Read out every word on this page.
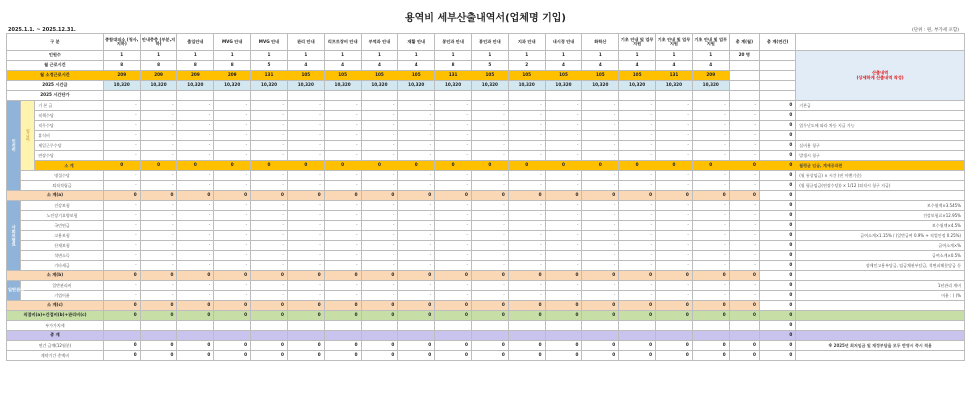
용역비 세부산출내역서(업체명 기입)
2025.1.1. ~ 2025.12.31.	(단위 : 원, 부가세 포함)
구 분			종합대피소 (청사,지하)	안내층층 (부분,지하)	출입안내	MVG 안내	MVG 안내	관리 안내	리프트장비 안내	부역과 안내	재활 안내	봉인과 안내	봉인과 안내	지과 안내	내시경 안내	화학산	기초 안내 및 업무지원	기초 안내 및 업무지원	기초 안내 및 업무지원	총 계(월)	총 계(연간)	
인원수			1	1	1	1	1	1	1	1	1	1	1	1	1	1	1	1	1	20 명		산출내역
(상세하게 산출내역 작성)
월 근로시간			8	8	8	8	5	4	4	4	4	8	5	2	4	4	4	4	4			
월 소정근로시간			209	209	209	209	131	105	105	105	105	131	105	105	105	105	105	131	209			
2025 시간급			10,320	10,320	10,320	10,320	10,320	10,320	10,320	10,320	10,320	10,320	10,320	10,320	10,320	10,320	10,320	10,320	10,320			
2025 시간단가																						
인건비	월급여	기 본 급	-	-	-	-	-	-	-	-	-	-	-	-	-	-	-	-	-	-	0	기본급
		직책수당	-	-	-	-	-	-	-	-	-	-	-	-	-	-	-	-	-	-	0	
		직무수당	-	-	-	-	-	-	-	-	-	-	-	-	-	-	-	-	-	-	0	업무난도에 따라 차등 지급 가능
		휴식비	-	-	-	-	-	-	-	-	-	-	-	-	-	-	-	-	-	-	0	
		제일근무수당	-	-	-	-	-	-	-	-	-	-	-	-	-	-	-	-	-	-	0	실비용 청구
		연장수당	-	-	-	-	-	-	-	-	-	-	-	-	-	-	-	-	-	-	0	발생시 청구
		소 계	0	0	0	0	0	0	0	0	0	0	0	0	0	0	0	0	0	0	0	월평균 임금, 계세공과편
	명절수당		-	-	-	-	-	-	-	-	-	-	-	-	-	-	-	-	-	-	0	(월 통상임금) × 시간 (연 이벤기준)
	퇴직적립금		-	-	-	-	-	-	-	-	-	-	-	-	-	-	-	-	-	-	0	(월 평균임금(연장수당)) × 1/12 (퇴직시 청구 지급)
소 계(a)			0	0	0	0	0	0	0	0	0	0	0	0	0	0	0	0	0	0	0	
사회보험료	건강보험		-	-	-	-	-	-	-	-	-	-	-	-	-	-	-	-	-	-	0	보수월액×3.545%
	노인장기요양보험		-	-	-	-	-	-	-	-	-	-	-	-	-	-	-	-	-	-	0	건강보험료×12.95%
	국민연금		-	-	-	-	-	-	-	-	-	-	-	-	-	-	-	-	-	-	0	보수월액×4.5%
	고용보험		-	-	-	-	-	-	-	-	-	-	-	-	-	-	-	-	-	-	0	급여소계×1.15% / (일반급여 0.9% + 직업안정 0.25%)
	산재보험		-	-	-	-	-	-	-	-	-	-	-	-	-	-	-	-	-	-	0	급여소계×%
	석면소득		-	-	-	-	-	-	-	-	-	-	-	-	-	-	-	-	-	-	0	급여소계×0.5%
	기타세금		-	-	-	-	-	-	-	-	-	-	-	-	-	-	-	-	-	-	0	장애인고용부담금, 임금채권부담금, 석면피해분담금 등
소 계(b)			0	0	0	0	0	0	0	0	0	0	0	0	0	0	0	0	0	0	0	
일반관리	일반관리비		-	-	-	-	-	-	-	-	-	-	-	-	-	-	-	-	-	-	0	1년관리 계비
	기업이윤		-	-	-	-	-	-	-	-	-	-	-	-	-	-	-	-	-	-	0	이윤 : ( )%
소 계(c)			0	0	0	0	0	0	0	0	0	0	0	0	0	0	0	0	0	0	0	
직접비(a)+간접비(b)+관리비(c)			0	0	0	0	0	0	0	0	0	0	0	0	0	0	0	0	0	0	0	
부가가치세																					0	
총 계																					0	
연간 금액(12월분)			0	0	0	0	0	0	0	0	0	0	0	0	0	0	0	0	0	0	0	※ 2025년 최저임금 및 재정부담을 모두 반영시 즉시 적용
계약기간 총액비			0	0	0	0	0	0	0	0	0	0	0	0	0	0	0	0	0	0	0	
